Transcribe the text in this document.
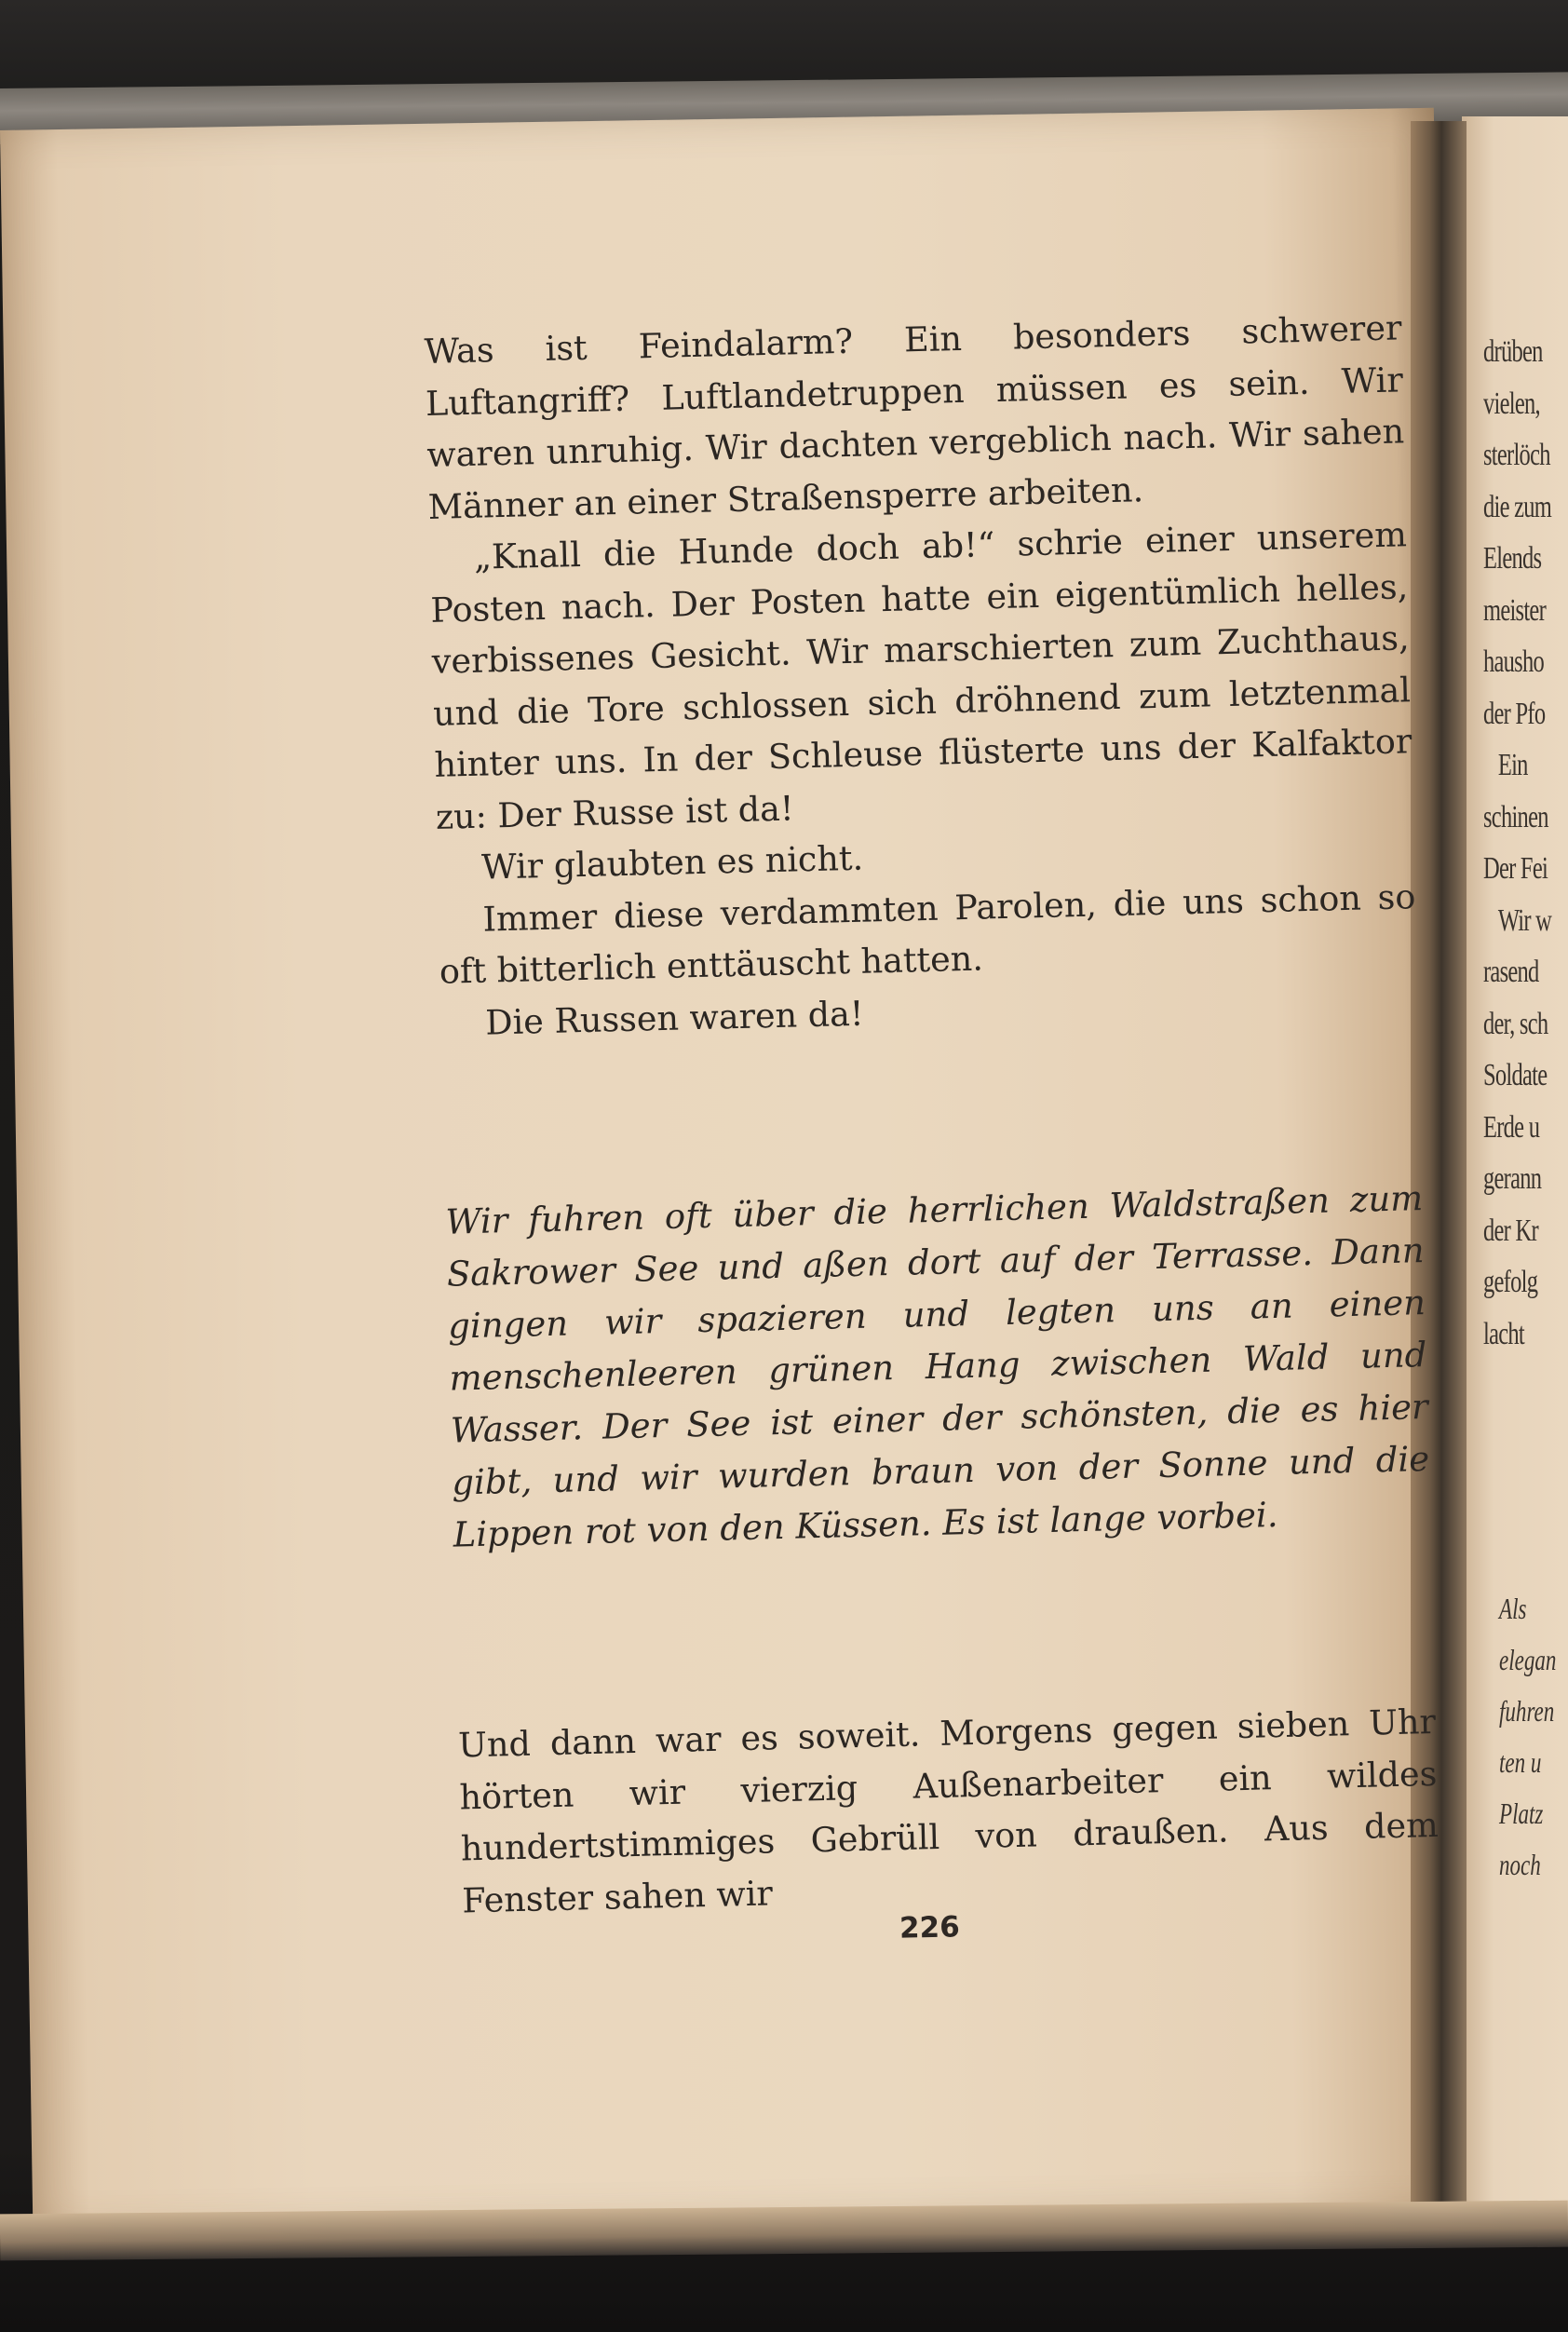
Was ist Feindalarm? Ein besonders schwerer Luftangriff? Luftlandetruppen müssen es sein. Wir waren unruhig. Wir dachten vergeblich nach. Wir sahen Männer an einer Straßensperre arbeiten.

„Knall die Hunde doch ab!“ schrie einer unserem Posten nach. Der Posten hatte ein eigentümlich helles, verbissenes Gesicht. Wir marschierten zum Zuchthaus, und die Tore schlossen sich dröhnend zum letztenmal hinter uns. In der Schleuse flüsterte uns der Kalfaktor zu: Der Russe ist da!

Wir glaubten es nicht.

Immer diese verdammten Parolen, die uns schon so oft bitterlich enttäuscht hatten.

Die Russen waren da!

Wir fuhren oft über die herrlichen Waldstraßen zum Sakrower See und aßen dort auf der Terrasse. Dann gingen wir spazieren und legten uns an einen menschenleeren grünen Hang zwischen Wald und Wasser. Der See ist einer der schönsten, die es hier gibt, und wir wurden braun von der Sonne und die Lippen rot von den Küssen. Es ist lange vorbei.

Und dann war es soweit. Morgens gegen sieben Uhr hörten wir vierzig Außenarbeiter ein wildes hundertstimmiges Gebrüll von draußen. Aus dem Fenster sahen wir

226
drüben
vielen,
sterlöch
die zum
Elends
meister
hausho
der Pfo
Ein
schinen
Der Fei
Wir w
rasend
der, sch
Soldate
Erde u
gerann
der Kr
gefolg
lacht
Als
elegan
fuhren
ten u
Platz
noch
